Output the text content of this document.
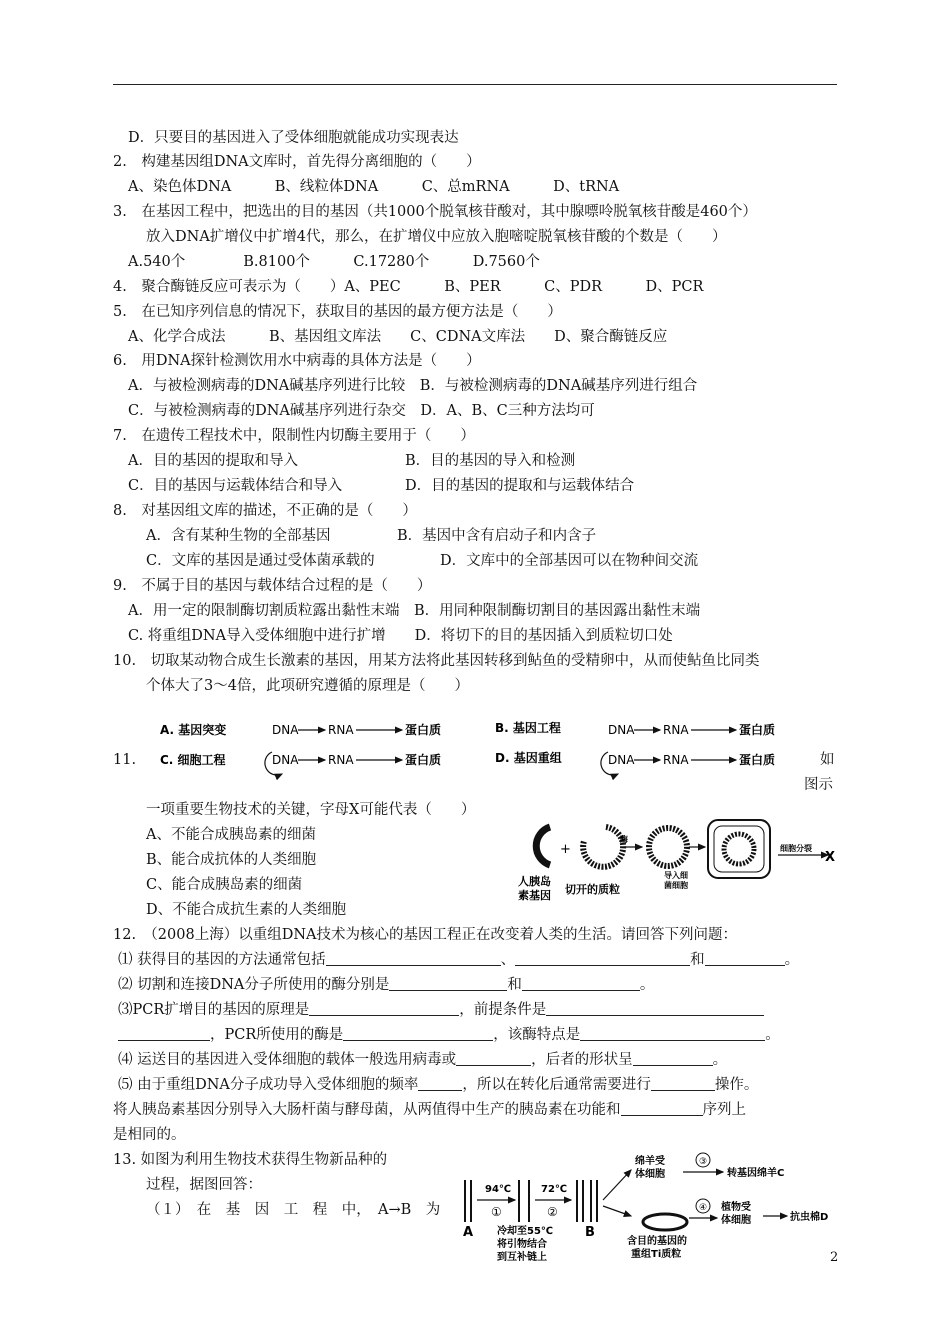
D．只要目的基因进入了受体细胞就能成功实现表达
2.　构建基因组DNA文库时，首先得分离细胞的（　　）
A、染色体DNA　　　B、线粒体DNA　　　C、总mRNA　　　D、tRNA
3.　在基因工程中，把选出的目的基因（共1000个脱氧核苷酸对，其中腺嘌呤脱氧核苷酸是460个）
放入DNA扩增仪中扩增4代，那么，在扩增仪中应放入胞嘧啶脱氧核苷酸的个数是（　　）
A.540个　　　　B.8100个　　　C.17280个　　　D.7560个
4.　聚合酶链反应可表示为（　　）A、PEC　　　B、PER　　　C、PDR　　　D、PCR
5.　在已知序列信息的情况下，获取目的基因的最方便方法是（　　）
A、化学合成法　　　B、基因组文库法　　C、CDNA文库法　　D、聚合酶链反应
6.　用DNA探针检测饮用水中病毒的具体方法是（　　）
A．与被检测病毒的DNA碱基序列进行比较　B．与被检测病毒的DNA碱基序列进行组合
C．与被检测病毒的DNA碱基序列进行杂交　D．A、B、C三种方法均可
7.　在遗传工程技术中，限制性内切酶主要用于（　　）
A．目的基因的提取和导入	B．目的基因的导入和检测
C．目的基因与运载体结合和导入	D．目的基因的提取和与运载体结合
8.　对基因组文库的描述，不正确的是（　　）
A．含有某种生物的全部基因	B．基因中含有启动子和内含子
C．文库的基因是通过受体菌承载的	D．文库中的全部基因可以在物种间交流
9.　不属于目的基因与载体结合过程的是（　　）
A．用一定的限制酶切割质粒露出黏性末端　B．用同种限制酶切割目的基因露出黏性末端
C. 将重组DNA导入受体细胞中进行扩增　　D．将切下的目的基因插入到质粒切口处
10.　切取某动物合成生长激素的基因，用某方法将此基因转移到鲇鱼的受精卵中，从而使鲇鱼比同类
个体大了3～4倍，此项研究遵循的原理是（　　）
A. 基因突变	DNA RNA	蛋白质	B. 基因工程	DNA RNA	蛋白质
C. 细胞工程	DNA RNA	蛋白质	D. 基因重组	DNA RNA	蛋白质
11.	如
图示
一项重要生物技术的关键，字母X可能代表（　　）
A、不能合成胰岛素的细菌
B、能合成抗体的人类细胞
C、能合成胰岛素的细菌
D、不能合成抗生素的人类细胞
+
酶
细胞分裂
X
人胰岛
素基因 切开的质粒
导入细
菌细胞
12.　（2008上海）以重组DNA技术为核心的基因工程正在改变着人类的生活。请回答下列问题：
⑴ 获得目的基因的方法通常包括	、	和	。
⑵ 切割和连接DNA分子所使用的酶分别是	和	。
⑶PCR扩增目的基因的原理是	，前提条件是
，PCR所使用的酶是	，该酶特点是	。
⑷ 运送目的基因进入受体细胞的载体一般选用病毒或	，后者的形状呈	。
⑸ 由于重组DNA分子成功导入受体细胞的频率	，所以在转化后通常需要进行	操作。
将人胰岛素基因分别导入大肠杆菌与酵母菌，从两值得中生产的胰岛素在功能和	序列上
是相同的。
13. 如图为利用生物技术获得生物新品种的
过程，据图回答：
（１）　在　基　因　工　程　中，　A→B　为
A
94℃
①
72℃
②
B
冷却至55℃
将引物结合
到互补链上
绵羊受
体细胞
③
转基因绵羊C
含目的基因的
重组Ti质粒
④ 植物受
体细胞	抗虫棉D
2
